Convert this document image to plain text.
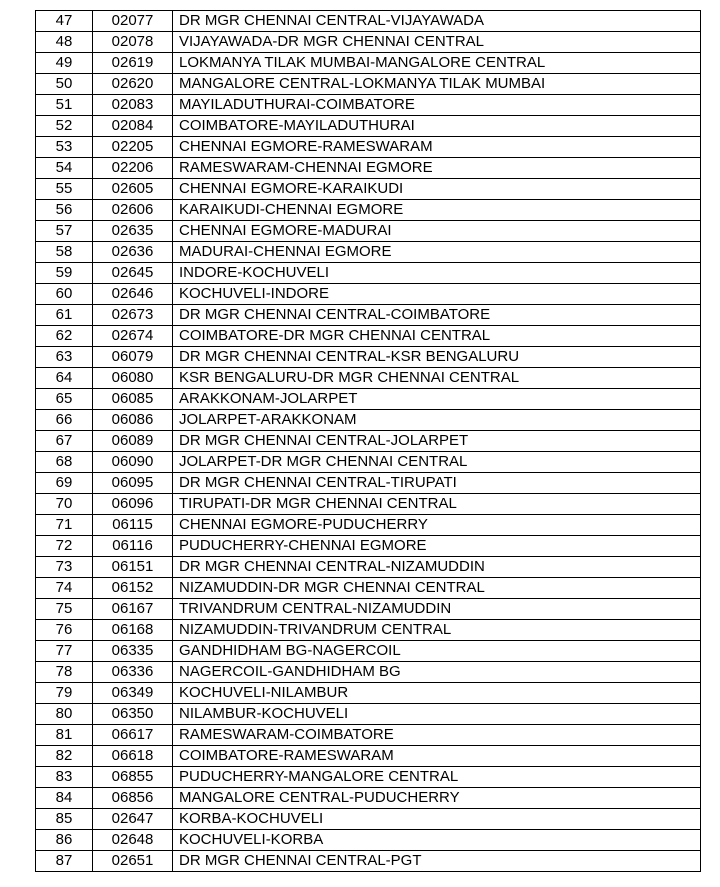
47	02077	DR MGR CHENNAI CENTRAL-VIJAYAWADA
48	02078	VIJAYAWADA-DR MGR CHENNAI CENTRAL
49	02619	LOKMANYA TILAK MUMBAI-MANGALORE CENTRAL
50	02620	MANGALORE CENTRAL-LOKMANYA TILAK MUMBAI
51	02083	MAYILADUTHURAI-COIMBATORE
52	02084	COIMBATORE-MAYILADUTHURAI
53	02205	CHENNAI EGMORE-RAMESWARAM
54	02206	RAMESWARAM-CHENNAI EGMORE
55	02605	CHENNAI EGMORE-KARAIKUDI
56	02606	KARAIKUDI-CHENNAI EGMORE
57	02635	CHENNAI EGMORE-MADURAI
58	02636	MADURAI-CHENNAI EGMORE
59	02645	INDORE-KOCHUVELI
60	02646	KOCHUVELI-INDORE
61	02673	DR MGR CHENNAI CENTRAL-COIMBATORE
62	02674	COIMBATORE-DR MGR CHENNAI CENTRAL
63	06079	DR MGR CHENNAI CENTRAL-KSR BENGALURU
64	06080	KSR BENGALURU-DR MGR CHENNAI CENTRAL
65	06085	ARAKKONAM-JOLARPET
66	06086	JOLARPET-ARAKKONAM
67	06089	DR MGR CHENNAI CENTRAL-JOLARPET
68	06090	JOLARPET-DR MGR CHENNAI CENTRAL
69	06095	DR MGR CHENNAI CENTRAL-TIRUPATI
70	06096	TIRUPATI-DR MGR CHENNAI CENTRAL
71	06115	CHENNAI EGMORE-PUDUCHERRY
72	06116	PUDUCHERRY-CHENNAI EGMORE
73	06151	DR MGR CHENNAI CENTRAL-NIZAMUDDIN
74	06152	NIZAMUDDIN-DR MGR CHENNAI CENTRAL
75	06167	TRIVANDRUM CENTRAL-NIZAMUDDIN
76	06168	NIZAMUDDIN-TRIVANDRUM CENTRAL
77	06335	GANDHIDHAM BG-NAGERCOIL
78	06336	NAGERCOIL-GANDHIDHAM BG
79	06349	KOCHUVELI-NILAMBUR
80	06350	NILAMBUR-KOCHUVELI
81	06617	RAMESWARAM-COIMBATORE
82	06618	COIMBATORE-RAMESWARAM
83	06855	PUDUCHERRY-MANGALORE CENTRAL
84	06856	MANGALORE CENTRAL-PUDUCHERRY
85	02647	KORBA-KOCHUVELI
86	02648	KOCHUVELI-KORBA
87	02651	DR MGR CHENNAI CENTRAL-PGT
